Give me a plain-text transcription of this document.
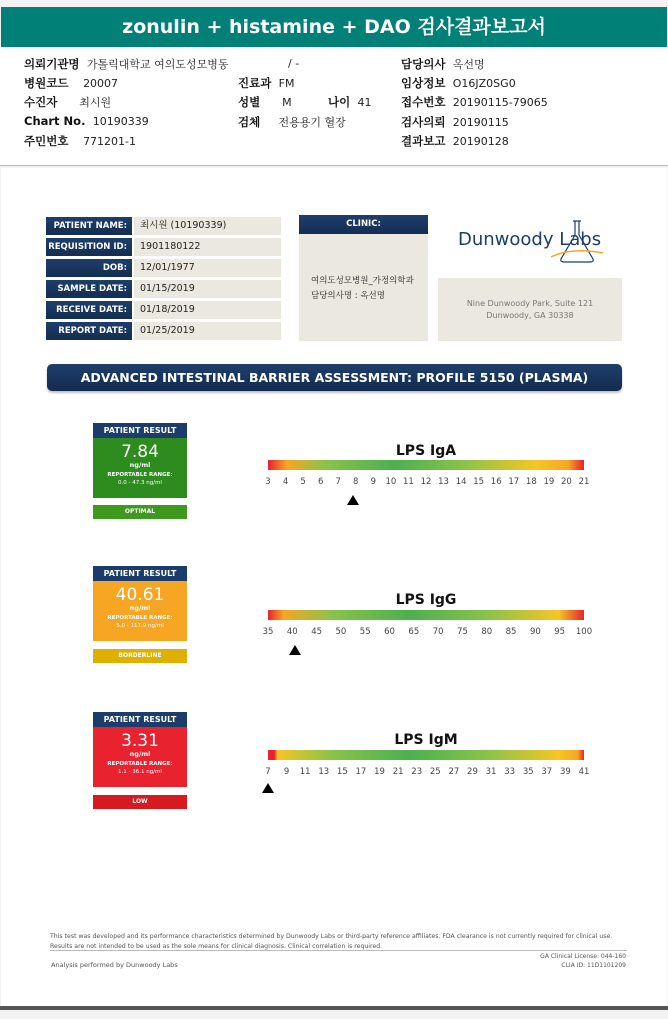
zonulin + histamine + DAO 검사결과보고서
의뢰기관명 가톨릭대학교 여의도성모병동	/ -	담당의사 옥선명
병원코드 20007	진료과 FM	임상정보 O16JZ0SG0
수진자 최시원	성별 M	나이 41	접수번호 20190115-79065
Chart No. 10190339	검체 전용용기 혈장	검사의뢰 20190115
주민번호 771201-1	결과보고 20190128
PATIENT NAME:	최시원 (10190339)
REQUISITION ID:	1901180122
DOB:	12/01/1977
SAMPLE DATE:	01/15/2019
RECEIVE DATE:	01/18/2019
REPORT DATE:	01/25/2019
CLINIC:
여의도성모병원_가정의학과
담당의사명 : 옥선명
Dunwoody Labs
Nine Dunwoody Park, Suite 121
Dunwoody, GA 30338
ADVANCED INTESTINAL BARRIER ASSESSMENT: PROFILE 5150 (PLASMA)
PATIENT RESULT
7.84
ng/ml
REPORTABLE RANGE:
0.0 - 47.3 ng/ml
OPTIMAL
LPS IgA
3 4 5 6 7 8 9 10 11 12 13 14 15 16 17 18 19 20 21
PATIENT RESULT
40.61
ng/ml
REPORTABLE RANGE:
5.0 - 117.9 ng/ml
BORDERLINE
LPS IgG
35 40 45 50 55 60 65 70 75 80 85 90 95 100
PATIENT RESULT
3.31
ng/ml
REPORTABLE RANGE:
1.1 - 36.1 ng/ml
LOW
LPS IgM
7 9 11 13 15 17 19 21 23 25 27 29 31 33 35 37 39 41
This test was developed and its performance characteristics determined by Dunwoody Labs or third-party reference affiliates. FDA clearance is not currently required for clinical use.
Results are not intended to be used as the sole means for clinical diagnosis. Clinical correlation is required.
Analysis performed by Dunwoody Labs
GA Clinical License: 044-160
CLIA ID: 11D1101209
